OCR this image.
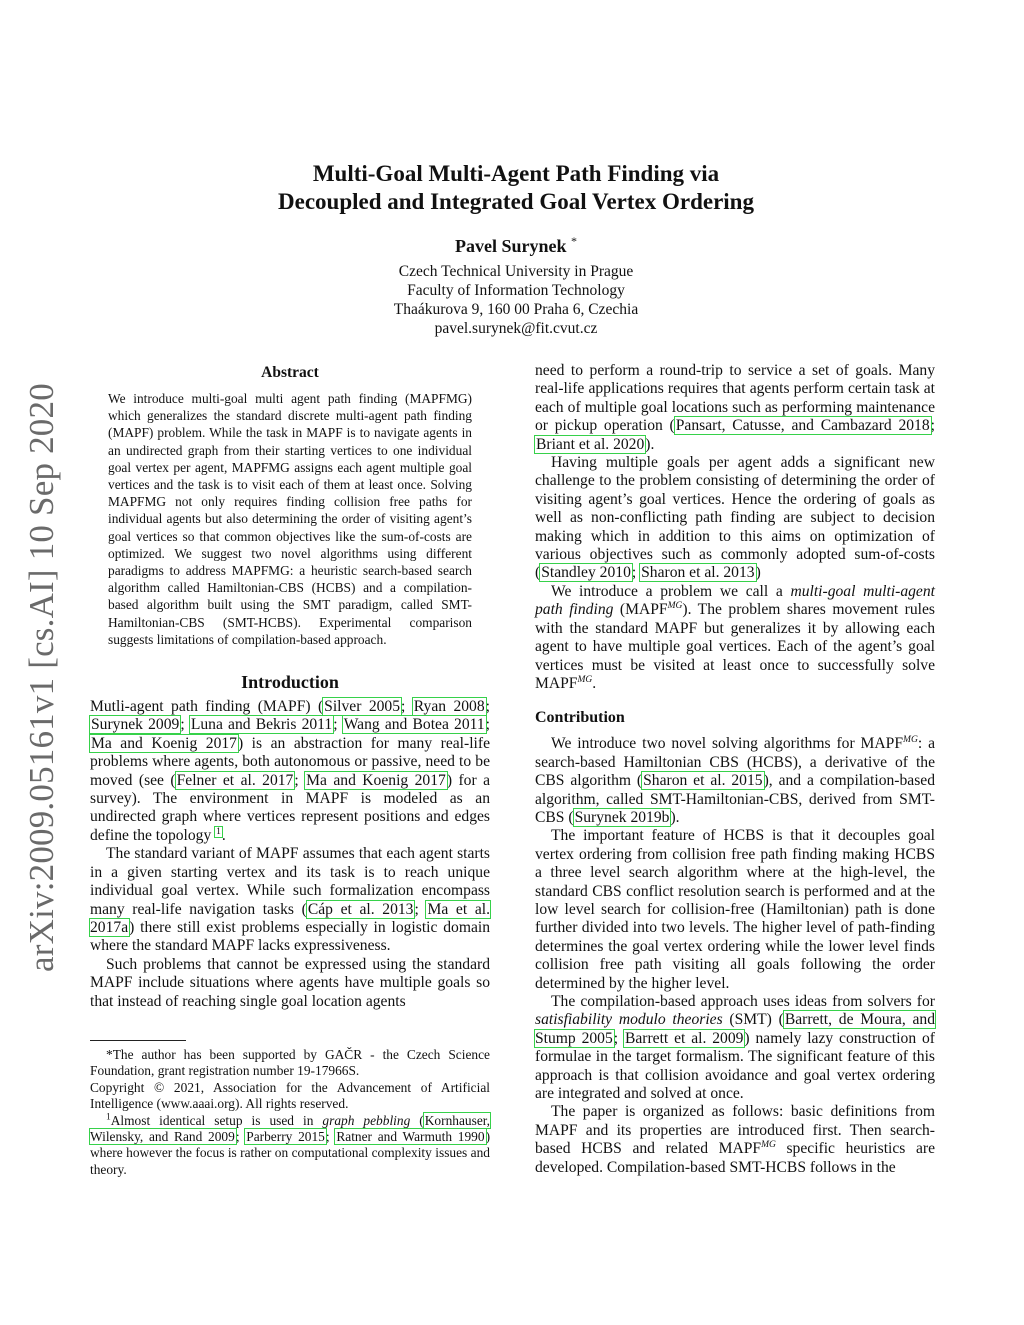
arXiv:2009.05161v1 [cs.AI] 10 Sep 2020
Multi-Goal Multi-Agent Path Finding via
Decoupled and Integrated Goal Vertex Ordering
Pavel Surynek *
Czech Technical University in Prague
Faculty of Information Technology
Thaákurova 9, 160 00 Praha 6, Czechia
pavel.surynek@fit.cvut.cz
Abstract
We introduce multi-goal multi agent path finding (MAPFMG) which generalizes the standard discrete multi-agent path finding (MAPF) problem. While the task in MAPF is to navigate agents in an undirected graph from their starting vertices to one individual goal vertex per agent, MAPFMG assigns each agent multiple goal vertices and the task is to visit each of them at least once. Solving MAPFMG not only requires finding collision free paths for individual agents but also determining the order of visiting agent’s goal vertices so that common objectives like the sum-of-costs are optimized. We suggest two novel algorithms using different paradigms to address MAPFMG: a heuristic search-based search algorithm called Hamiltonian-CBS (HCBS) and a compilation-based algorithm built using the SMT paradigm, called SMT-Hamiltonian-CBS (SMT-HCBS). Experimental comparison suggests limitations of compilation-based approach.
Introduction

Mutli-agent path finding (MAPF) (Silver 2005; Ryan 2008; Surynek 2009; Luna and Bekris 2011; Wang and Botea 2011; Ma and Koenig 2017) is an abstraction for many real-life problems where agents, both autonomous or passive, need to be moved (see (Felner et al. 2017; Ma and Koenig 2017) for a survey). The environment in MAPF is modeled as an undirected graph where vertices represent positions and edges define the topology $^1$.

The standard variant of MAPF assumes that each agent starts in a given starting vertex and its task is to reach unique individual goal vertex. While such formalization encompass many real-life navigation tasks (Cáp et al. 2013; Ma et al. 2017a) there still exist problems especially in logistic domain where the standard MAPF lacks expressiveness.

Such problems that cannot be expressed using the standard MAPF include situations where agents have multiple goals so that instead of reaching single goal location agents

*The author has been supported by GAČR - the Czech Science Foundation, grant registration number 19-17966S.

Copyright © 2021, Association for the Advancement of Artificial Intelligence (www.aaai.org). All rights reserved.

$^1$Almost identical setup is used in graph pebbling (Kornhauser, Wilensky, and Rand 2009; Parberry 2015; Ratner and Warmuth 1990) where however the focus is rather on computational complexity issues and theory.

need to perform a round-trip to service a set of goals. Many real-life applications requires that agents perform certain task at each of multiple goal locations such as performing maintenance or pickup operation (Pansart, Catusse, and Cambazard 2018; Briant et al. 2020).

Having multiple goals per agent adds a significant new challenge to the problem consisting of determining the order of visiting agent’s goal vertices. Hence the ordering of goals as well as non-conflicting path finding are subject to decision making which in addition to this aims on optimization of various objectives such as commonly adopted sum-of-costs (Standley 2010; Sharon et al. 2013)

We introduce a problem we call a multi-goal multi-agent path finding $(MAPF^{MG})$. The problem shares movement rules with the standard MAPF but generalizes it by allowing each agent to have multiple goal vertices. Each of the agent’s goal vertices must be visited at least once to successfully solve $MAPF^{MG}$.

Contribution

We introduce two novel solving algorithms for $MAPF^{MG}$: a search-based Hamiltonian CBS (HCBS), a derivative of the CBS algorithm (Sharon et al. 2015), and a compilation-based algorithm, called SMT-Hamiltonian-CBS, derived from SMT-CBS (Surynek 2019b).

The important feature of HCBS is that it decouples goal vertex ordering from collision free path finding making HCBS a three level search algorithm where at the high-level, the standard CBS conflict resolution search is performed and at the low level search for collision-free (Hamiltonian) path is done further divided into two levels. The higher level of path-finding determines the goal vertex ordering while the lower level finds collision free path visiting all goals following the order determined by the higher level.

The compilation-based approach uses ideas from solvers for satisfiability modulo theories (SMT) (Barrett, de Moura, and Stump 2005; Barrett et al. 2009) namely lazy construction of formulae in the target formalism. The significant feature of this approach is that collision avoidance and goal vertex ordering are integrated and solved at once.

The paper is organized as follows: basic definitions from MAPF and its properties are introduced first. Then search-based HCBS and related $MAPF^{MG}$ specific heuristics are developed. Compilation-based SMT-HCBS follows in the
